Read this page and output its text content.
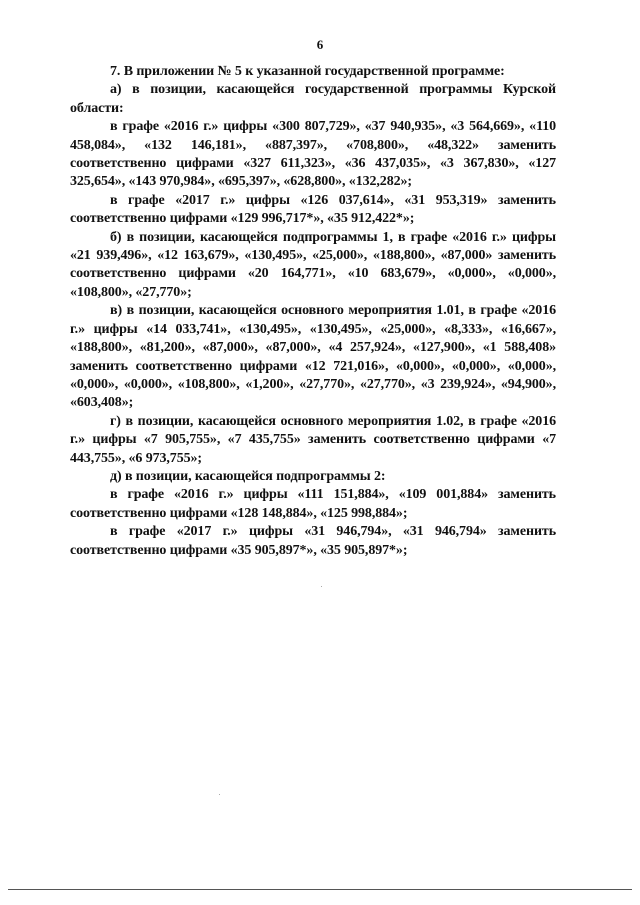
6

7. В приложении № 5 к указанной государственной программе:

а) в позиции, касающейся государственной программы Курской области:

в графе «2016 г.» цифры «300 807,729», «37 940,935», «3 564,669», «110 458,084», «132 146,181», «887,397», «708,800», «48,322» заменить соответственно цифрами «327 611,323», «36 437,035», «3 367,830», «127 325,654», «143 970,984», «695,397», «628,800», «132,282»;

в графе «2017 г.» цифры «126 037,614», «31 953,319» заменить соответственно цифрами «129 996,717*», «35 912,422*»;

б) в позиции, касающейся подпрограммы 1, в графе «2016 г.» цифры «21 939,496», «12 163,679», «130,495», «25,000», «188,800», «87,000» заменить соответственно цифрами «20 164,771», «10 683,679», «0,000», «0,000», «108,800», «27,770»;

в) в позиции, касающейся основного мероприятия 1.01, в графе «2016 г.» цифры «14 033,741», «130,495», «130,495», «25,000», «8,333», «16,667», «188,800», «81,200», «87,000», «87,000», «4 257,924», «127,900», «1 588,408» заменить соответственно цифрами «12 721,016», «0,000», «0,000», «0,000», «0,000», «0,000», «108,800», «1,200», «27,770», «27,770», «3 239,924», «94,900», «603,408»;

г) в позиции, касающейся основного мероприятия 1.02, в графе «2016 г.» цифры «7 905,755», «7 435,755» заменить соответственно цифрами «7 443,755», «6 973,755»;

д) в позиции, касающейся подпрограммы 2:

в графе «2016 г.» цифры «111 151,884», «109 001,884» заменить соответственно цифрами «128 148,884», «125 998,884»;

в графе «2017 г.» цифры «31 946,794», «31 946,794» заменить соответственно цифрами «35 905,897*», «35 905,897*»;
